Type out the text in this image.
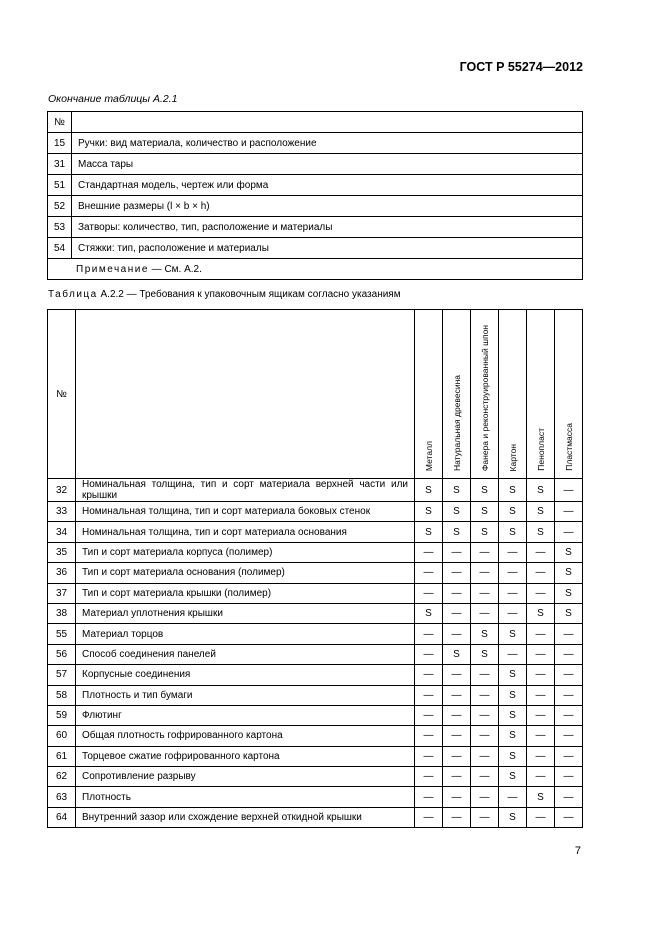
ГОСТ Р 55274—2012
Окончание таблицы А.2.1
№	
15	Ручки: вид материала, количество и расположение
31	Масса тары
51	Стандартная модель, чертеж или форма
52	Внешние размеры (l × b × h)
53	Затворы: количество, тип, расположение и материалы
54	Стяжки: тип, расположение и материалы
Примечание — См. А.2.	
Таблица А.2.2 — Требования к упаковочным ящикам согласно указаниям
№		Металл	Натуральная древесина	Фанера и реконструированный шпон	Картон	Пенопласт	Пластмасса
32	Номинальная толщина, тип и сорт материала верхней части или крышки	S	S	S	S	S	—
33	Номинальная толщина, тип и сорт материала боковых стенок	S	S	S	S	S	—
34	Номинальная толщина, тип и сорт материала основания	S	S	S	S	S	—
35	Тип и сорт материала корпуса (полимер)	—	—	—	—	—	S
36	Тип и сорт материала основания (полимер)	—	—	—	—	—	S
37	Тип и сорт материала крышки (полимер)	—	—	—	—	—	S
38	Материал уплотнения крышки	S	—	—	—	S	S
55	Материал торцов	—	—	S	S	—	—
56	Способ соединения панелей	—	S	S	—	—	—
57	Корпусные соединения	—	—	—	S	—	—
58	Плотность и тип бумаги	—	—	—	S	—	—
59	Флютинг	—	—	—	S	—	—
60	Общая плотность гофрированного картона	—	—	—	S	—	—
61	Торцевое сжатие гофрированного картона	—	—	—	S	—	—
62	Сопротивление разрыву	—	—	—	S	—	—
63	Плотность	—	—	—	—	S	—
64	Внутренний зазор или схождение верхней откидной крышки	—	—	—	S	—	—
7
